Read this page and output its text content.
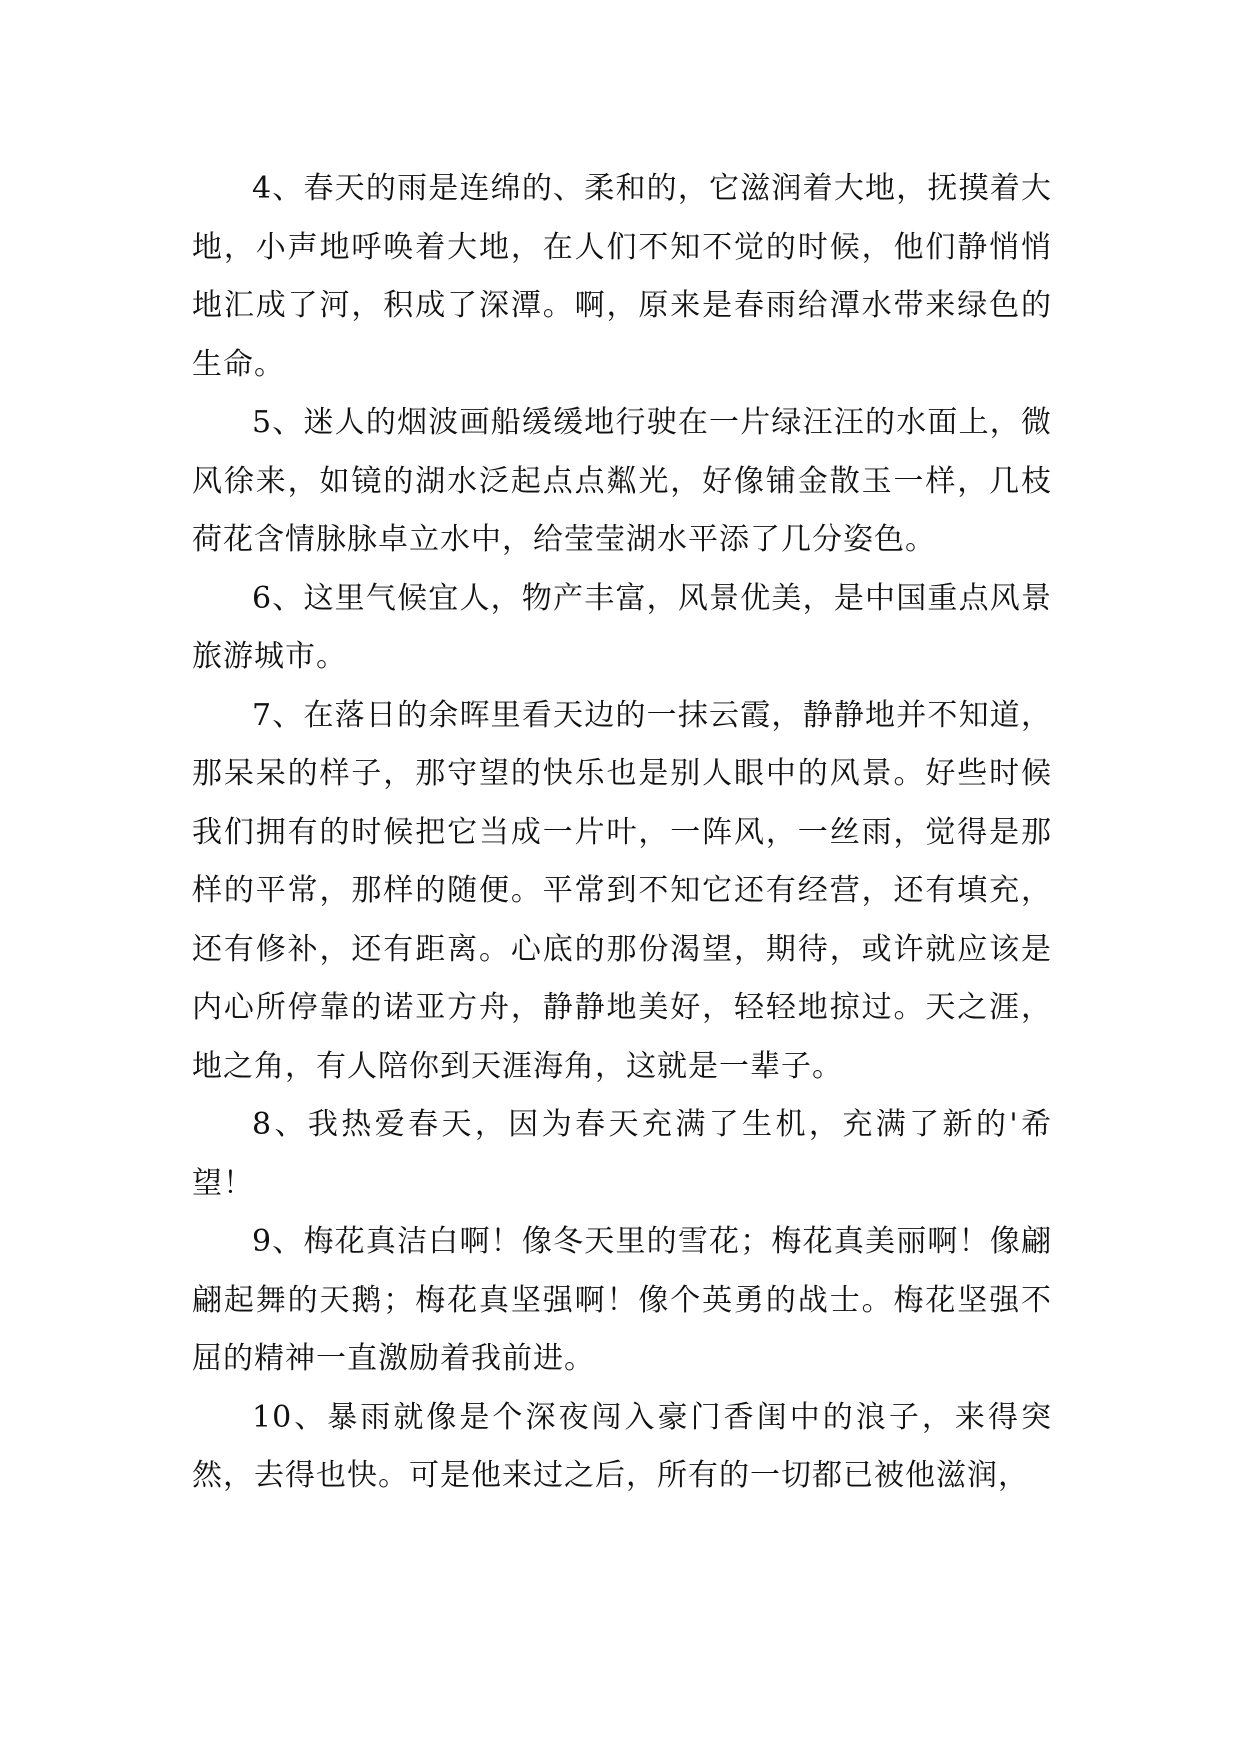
4、春天的雨是连绵的、柔和的，它滋润着大地，抚摸着大地，小声地呼唤着大地，在人们不知不觉的时候，他们静悄悄地汇成了河，积成了深潭。啊，原来是春雨给潭水带来绿色的生命。

5、迷人的烟波画船缓缓地行驶在一片绿汪汪的水面上，微风徐来，如镜的湖水泛起点点粼光，好像铺金散玉一样，几枝荷花含情脉脉卓立水中，给莹莹湖水平添了几分姿色。

6、这里气候宜人，物产丰富，风景优美，是中国重点风景旅游城市。

7、在落日的余晖里看天边的一抹云霞，静静地并不知道，那呆呆的样子，那守望的快乐也是别人眼中的风景。好些时候我们拥有的时候把它当成一片叶，一阵风，一丝雨，觉得是那样的平常，那样的随便。平常到不知它还有经营，还有填充，还有修补，还有距离。心底的那份渴望，期待，或许就应该是内心所停靠的诺亚方舟，静静地美好，轻轻地掠过。天之涯，地之角，有人陪你到天涯海角，这就是一辈子。

8、我热爱春天，因为春天充满了生机，充满了新的'希望！

9、梅花真洁白啊！像冬天里的雪花；梅花真美丽啊！像翩翩起舞的天鹅；梅花真坚强啊！像个英勇的战士。梅花坚强不屈的精神一直激励着我前进。

10、暴雨就像是个深夜闯入豪门香闺中的浪子，来得突然，去得也快。可是他来过之后，所有的一切都已被他滋润，
